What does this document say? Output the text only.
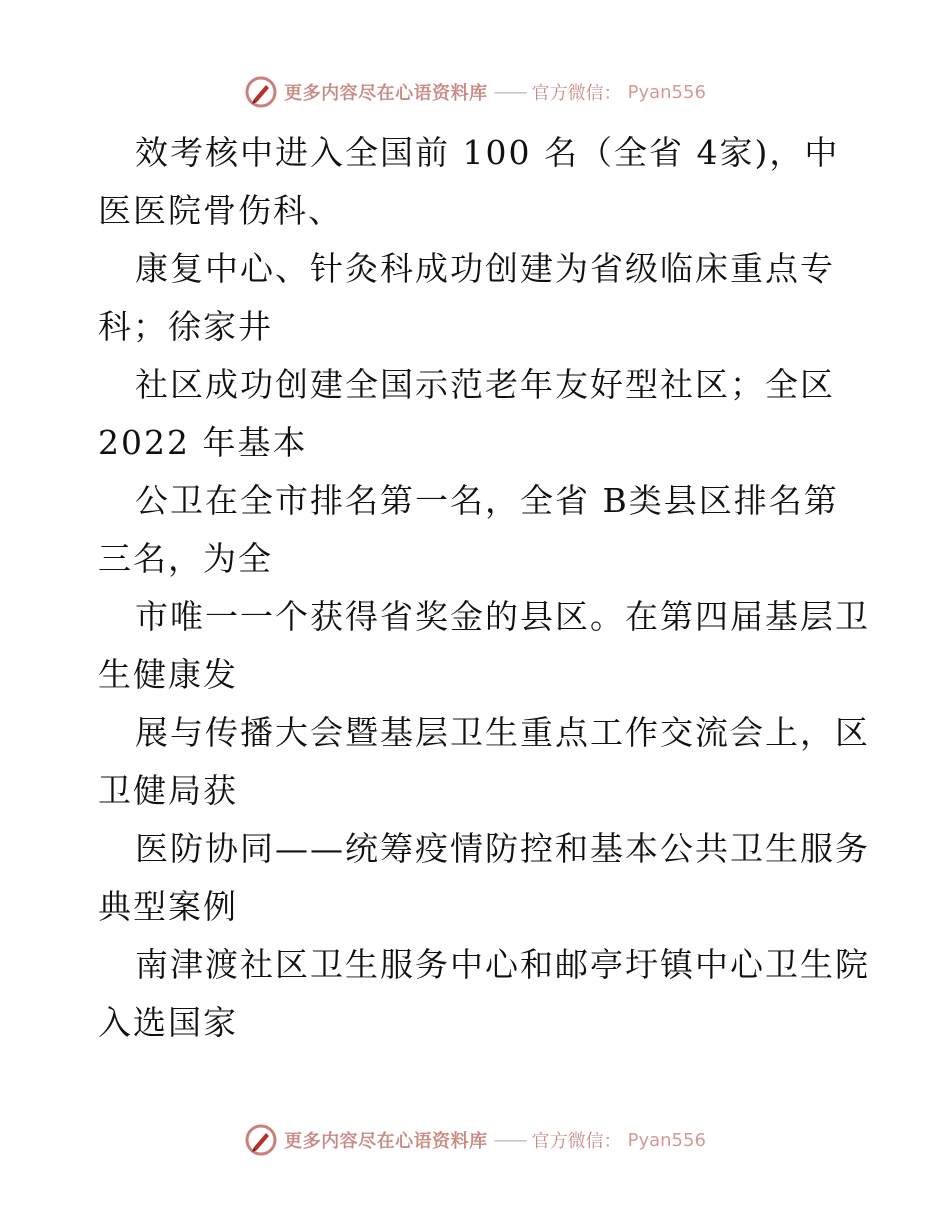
更多内容尽在心语资料库 —— 官方微信： Pyan556

效考核中进入全国前 100 名（全省 4家)，中
医医院骨伤科、

康复中心、针灸科成功创建为省级临床重点专
科；徐家井

社区成功创建全国示范老年友好型社区；全区
2022 年基本

公卫在全市排名第一名，全省 B类县区排名第
三名，为全

市唯一一个获得省奖金的县区。在第四届基层卫
生健康发

展与传播大会暨基层卫生重点工作交流会上，区
卫健局获

医防协同——统筹疫情防控和基本公共卫生服务
典型案例

南津渡社区卫生服务中心和邮亭圩镇中心卫生院
入选国家

更多内容尽在心语资料库 —— 官方微信： Pyan556
